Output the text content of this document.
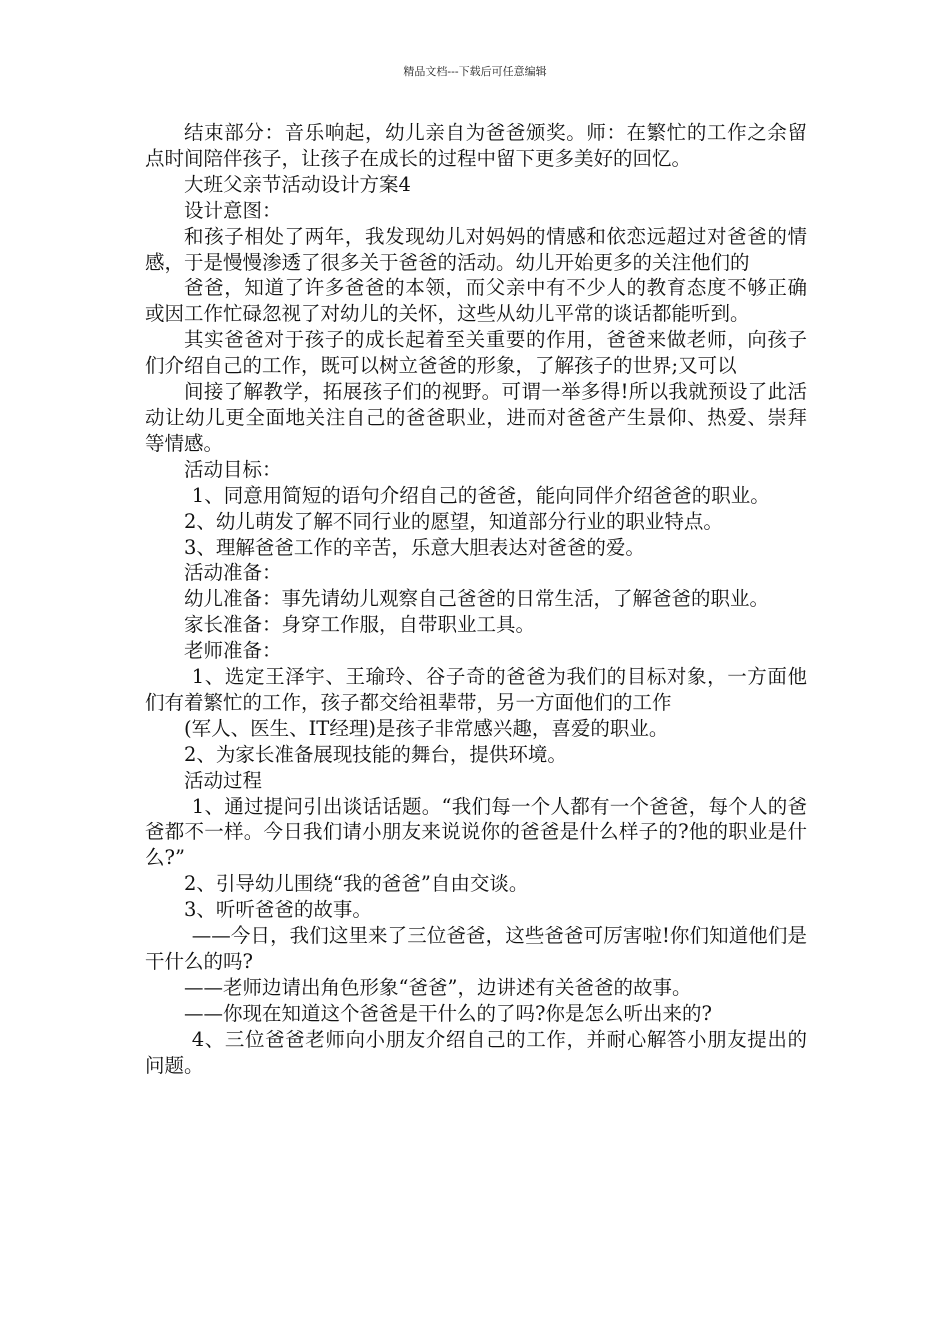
精品文档---下载后可任意编辑

结束部分：音乐响起，幼儿亲自为爸爸颁奖。师：在繁忙的工作之余留点时间陪伴孩子，让孩子在成长的过程中留下更多美好的回忆。

大班父亲节活动设计方案4

设计意图：

和孩子相处了两年，我发现幼儿对妈妈的情感和依恋远超过对爸爸的情感，于是慢慢渗透了很多关于爸爸的活动。幼儿开始更多的关注他们的

爸爸，知道了许多爸爸的本领，而父亲中有不少人的教育态度不够正确或因工作忙碌忽视了对幼儿的关怀，这些从幼儿平常的谈话都能听到。

其实爸爸对于孩子的成长起着至关重要的作用，爸爸来做老师，向孩子们介绍自己的工作，既可以树立爸爸的形象，了解孩子的世界;又可以

间接了解教学，拓展孩子们的视野。可谓一举多得!所以我就预设了此活动让幼儿更全面地关注自己的爸爸职业，进而对爸爸产生景仰、热爱、崇拜等情感。

活动目标：

1、同意用简短的语句介绍自己的爸爸，能向同伴介绍爸爸的职业。

2、幼儿萌发了解不同行业的愿望，知道部分行业的职业特点。

3、理解爸爸工作的辛苦，乐意大胆表达对爸爸的爱。

活动准备：

幼儿准备：事先请幼儿观察自己爸爸的日常生活，了解爸爸的职业。

家长准备：身穿工作服，自带职业工具。

老师准备：

1、选定王泽宇、王瑜玲、谷子奇的爸爸为我们的目标对象，一方面他们有着繁忙的工作，孩子都交给祖辈带，另一方面他们的工作

(军人、医生、IT经理)是孩子非常感兴趣，喜爱的职业。

2、为家长准备展现技能的舞台，提供环境。

活动过程

1、通过提问引出谈话话题。“我们每一个人都有一个爸爸，每个人的爸爸都不一样。今日我们请小朋友来说说你的爸爸是什么样子的?他的职业是什么?”

2、引导幼儿围绕“我的爸爸”自由交谈。

3、听听爸爸的故事。

——今日，我们这里来了三位爸爸，这些爸爸可厉害啦!你们知道他们是干什么的吗?

——老师边请出角色形象“爸爸”，边讲述有关爸爸的故事。

——你现在知道这个爸爸是干什么的了吗?你是怎么听出来的?

4、三位爸爸老师向小朋友介绍自己的工作，并耐心解答小朋友提出的问题。
